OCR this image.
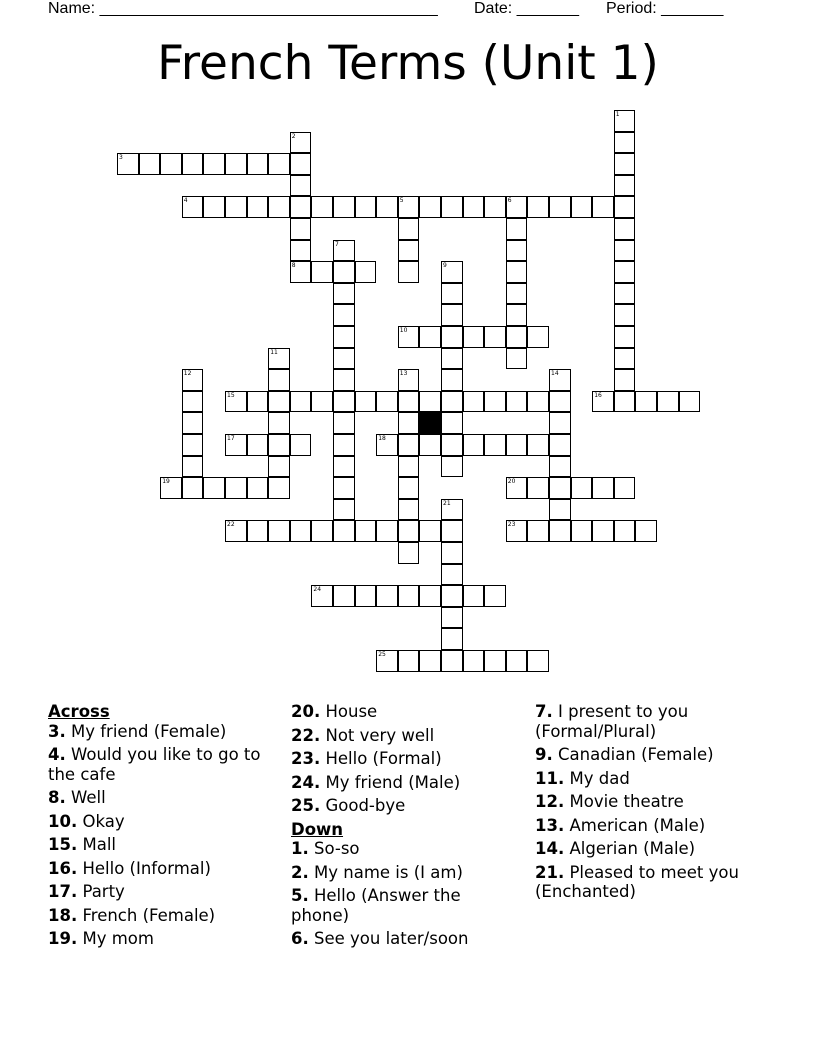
Name: ______________________________________ Date: _______ Period: _______
French Terms (Unit 1)
1
2
3
4	5	6
7
8	9
10
11
12	13	14
15	16
17	18
19	20
21
22	23
24
25

Across

3. My friend (Female)

4. Would you like to go to the cafe

8. Well

10. Okay

15. Mall

16. Hello (Informal)

17. Party

18. French (Female)

19. My mom

20. House

22. Not very well

23. Hello (Formal)

24. My friend (Male)

25. Good-bye

Down

1. So-so

2. My name is (I am)

5. Hello (Answer the phone)

6. See you later/soon

7. I present to you (Formal/Plural)

9. Canadian (Female)

11. My dad

12. Movie theatre

13. American (Male)

14. Algerian (Male)

21. Pleased to meet you (Enchanted)
